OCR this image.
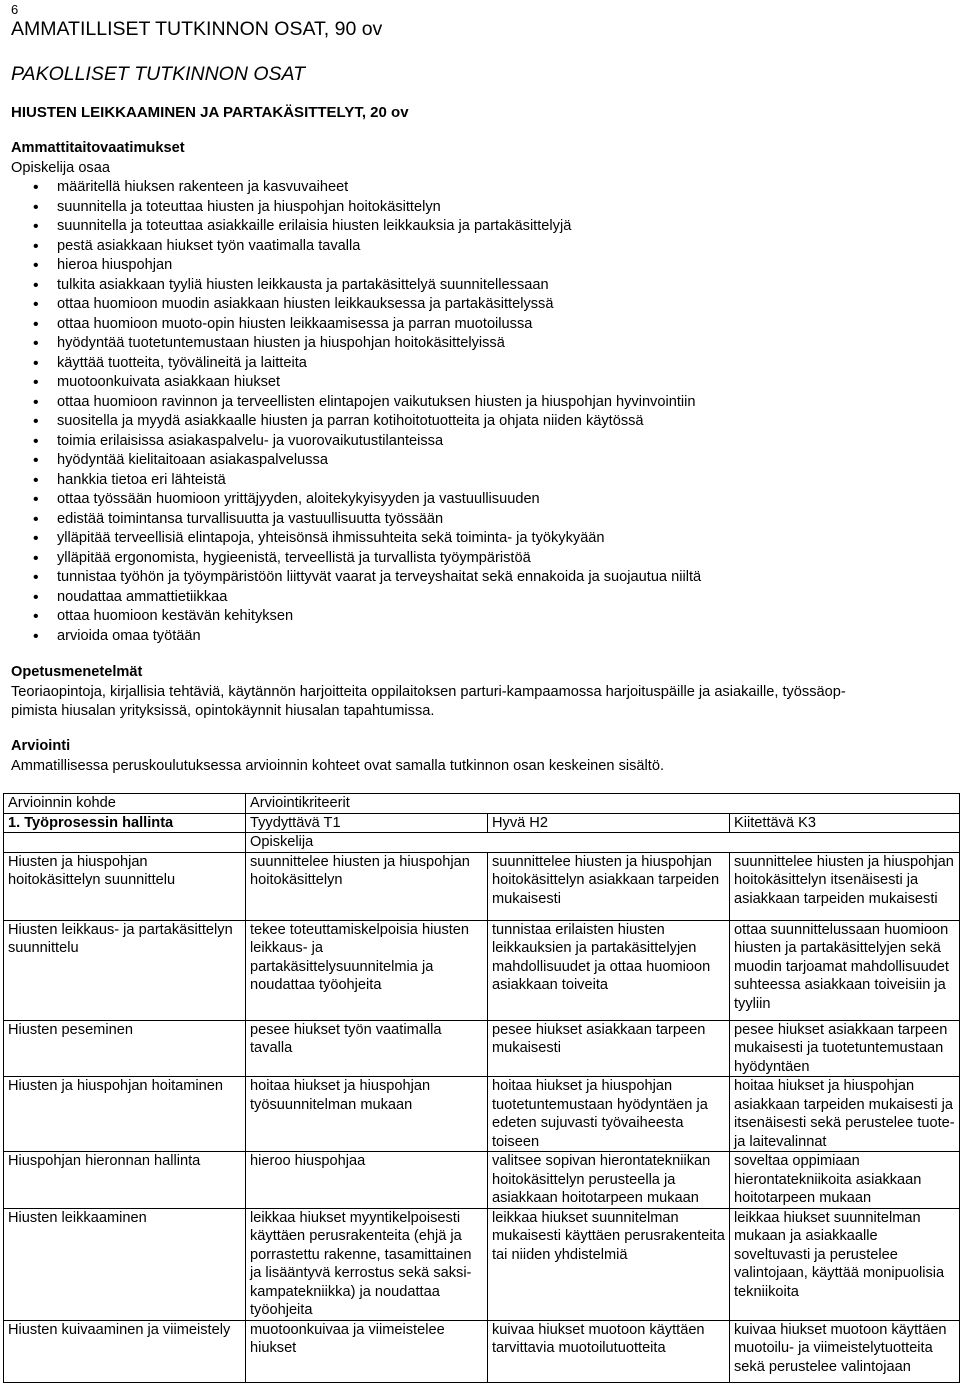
6
AMMATILLISET TUTKINNON OSAT, 90 ov
PAKOLLISET TUTKINNON OSAT
HIUSTEN LEIKKAAMINEN JA PARTAKÄSITTELYT, 20 ov
Ammattitaitovaatimukset
Opiskelija osaa
• määritellä hiuksen rakenteen ja kasvuvaiheet
• suunnitella ja toteuttaa hiusten ja hiuspohjan hoitokäsittelyn
• suunnitella ja toteuttaa asiakkaille erilaisia hiusten leikkauksia ja partakäsittelyjä
• pestä asiakkaan hiukset työn vaatimalla tavalla
• hieroa hiuspohjan
• tulkita asiakkaan tyyliä hiusten leikkausta ja partakäsittelyä suunnitellessaan
• ottaa huomioon muodin asiakkaan hiusten leikkauksessa ja partakäsittelyssä
• ottaa huomioon muoto-opin hiusten leikkaamisessa ja parran muotoilussa
• hyödyntää tuotetuntemustaan hiusten ja hiuspohjan hoitokäsittelyissä
• käyttää tuotteita, työvälineitä ja laitteita
• muotoonkuivata asiakkaan hiukset
• ottaa huomioon ravinnon ja terveellisten elintapojen vaikutuksen hiusten ja hiuspohjan hyvinvointiin
• suositella ja myydä asiakkaalle hiusten ja parran kotihoitotuotteita ja ohjata niiden käytössä
• toimia erilaisissa asiakaspalvelu- ja vuorovaikutustilanteissa
• hyödyntää kielitaitoaan asiakaspalvelussa
• hankkia tietoa eri lähteistä
• ottaa työssään huomioon yrittäjyyden, aloitekykyisyyden ja vastuullisuuden
• edistää toimintansa turvallisuutta ja vastuullisuutta työssään
• ylläpitää terveellisiä elintapoja, yhteisönsä ihmissuhteita sekä toiminta- ja työkykyään
• ylläpitää ergonomista, hygieenistä, terveellistä ja turvallista työympäristöä
• tunnistaa työhön ja työympäristöön liittyvät vaarat ja terveyshaitat sekä ennakoida ja suojautua niiltä
• noudattaa ammattietiikkaa
• ottaa huomioon kestävän kehityksen
• arvioida omaa työtään
Opetusmenetelmät

Teoriaopintoja, kirjallisia tehtäviä, käytännön harjoitteita oppilaitoksen parturi-kampaamossa harjoituspäille ja asiakaille, työssäop-

pimista hiusalan yrityksissä, opintokäynnit hiusalan tapahtumissa.

Arviointi

Ammatillisessa peruskoulutuksessa arvioinnin kohteet ovat samalla tutkinnon osan keskeinen sisältö.

Arvioinnin kohde	Arviointikriteerit		
1. Työprosessin hallinta	Tyydyttävä T1	Hyvä H2	Kiitettävä K3
	Opiskelija		
Hiusten ja hiuspohjan hoitokäsittelyn suunnittelu	suunnittelee hiusten ja hiuspohjan hoitokäsittelyn	suunnittelee hiusten ja hiuspohjan hoitokäsittelyn asiakkaan tarpeiden mukaisesti	suunnittelee hiusten ja hiuspohjan hoitokäsittelyn itsenäisesti ja asiakkaan tarpeiden mukaisesti
Hiusten leikkaus- ja partakäsittelyn suunnittelu	tekee toteuttamiskelpoisia hiusten leikkaus- ja partakäsittelysuunnitelmia ja noudattaa työohjeita	tunnistaa erilaisten hiusten leikkauksien ja partakäsittelyjen mahdollisuudet ja ottaa huomioon asiakkaan toiveita	ottaa suunnittelussaan huomioon hiusten ja partakäsittelyjen sekä muodin tarjoamat mahdollisuudet suhteessa asiakkaan toiveisiin ja tyyliin
Hiusten peseminen	pesee hiukset työn vaatimalla tavalla	pesee hiukset asiakkaan tarpeen mukaisesti	pesee hiukset asiakkaan tarpeen mukaisesti ja tuotetuntemustaan hyödyntäen
Hiusten ja hiuspohjan hoitaminen	hoitaa hiukset ja hiuspohjan työsuunnitelman mukaan	hoitaa hiukset ja hiuspohjan tuotetuntemustaan hyödyntäen ja edeten sujuvasti työvaiheesta toiseen	hoitaa hiukset ja hiuspohjan asiakkaan tarpeiden mukaisesti ja itsenäisesti sekä perustelee tuote- ja laitevalinnat
Hiuspohjan hieronnan hallinta	hieroo hiuspohjaa	valitsee sopivan hierontatekniikan hoitokäsittelyn perusteella ja asiakkaan hoitotarpeen mukaan	soveltaa oppimiaan hierontatekniikoita asiakkaan hoitotarpeen mukaan
Hiusten leikkaaminen	leikkaa hiukset myyntikelpoisesti käyttäen perusrakenteita (ehjä ja porrastettu rakenne, tasamittainen ja lisääntyvä kerrostus sekä saksi-kampatekniikka) ja noudattaa työohjeita	leikkaa hiukset suunnitelman mukaisesti käyttäen perusrakenteita tai niiden yhdistelmiä	leikkaa hiukset suunnitelman mukaan ja asiakkaalle soveltuvasti ja perustelee valintojaan, käyttää monipuolisia tekniikoita
Hiusten kuivaaminen ja viimeistely	muotoonkuivaa ja viimeistelee hiukset	kuivaa hiukset muotoon käyttäen tarvittavia muotoilutuotteita	kuivaa hiukset muotoon käyttäen muotoilu- ja viimeistelytuotteita sekä perustelee valintojaan
